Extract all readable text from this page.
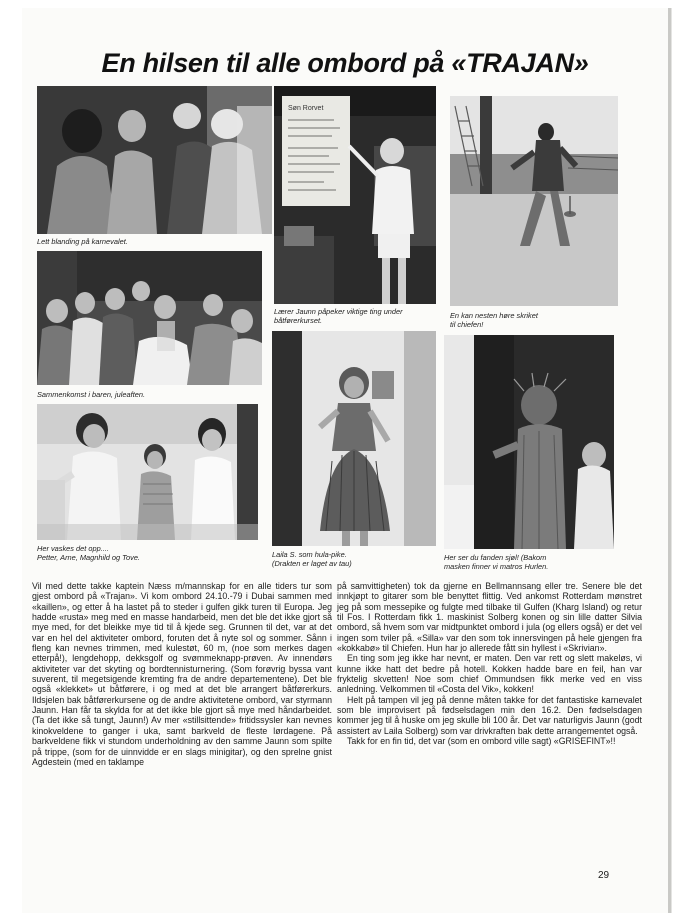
En hilsen til alle ombord på «TRAJAN»
Lett blanding på karnevalet.
Søn Rorvet
Lærer Jaunn påpeker viktige ting under båtførerkurset.
En kan nesten høre skriket til chiefen!
Sammenkomst i baren, juleaften.
Laila S. som hula-pike.
(Drakten er laget av tau)
Her ser du fanden sjøl! (Bakom
masken finner vi matros Hurlen.
Her vaskes det opp....
Petter, Arne, Magnhild og Tove.

Vil med dette takke kaptein Næss m/mannskap for en alle tiders tur som gjest ombord på «Trajan». Vi kom ombord 24.10.-79 i Dubai sammen med «kaillen», og etter å ha lastet på to steder i gulfen gikk turen til Europa. Jeg hadde «rusta» meg med en masse handarbeid, men det ble det ikke gjort så mye med, for det bleikke mye tid til å kjede seg. Grunnen til det, var at det var en hel del aktiviteter ombord, foruten det å nyte sol og sommer. Sånn i fleng kan nevnes trimmen, med kulestøt, 60 m, (noe som merkes dagen etterpå!), lengdehopp, dekksgolf og svømmeknapp-prøven. Av innendørs aktiviteter var det skyting og bordtennisturnering. (Som forøvrig byssa vant suverent, til megetsigende kremting fra de andre departementene). Det ble også «klekket» ut båtførere, i og med at det ble arrangert båtførerkurs. Ildsjelen bak båtførerkursene og de andre aktivitetene ombord, var styrmann Jaunn. Han får ta skylda for at det ikke ble gjort så mye med håndarbeidet. (Ta det ikke så tungt, Jaunn!) Av mer «stillsittende» fritidssysler kan nevnes kinokveldene to ganger i uka, samt barkveld de fleste lørdagene. På barkveldene fikk vi stundom underholdning av den samme Jaunn som spilte på trippe, (som for de uinnvidde er en slags minigitar), og den sprelne gnist Agdestein (med en taklampe

på samvittigheten) tok da gjerne en Bellmannsang eller tre. Senere ble det innkjøpt to gitarer som ble benyttet flittig. Ved ankomst Rotterdam mønstret jeg på som messepike og fulgte med tilbake til Gulfen (Kharg Island) og retur til Fos. I Rotterdam fikk 1. maskinist Solberg konen og sin lille datter Silvia ombord, så hvem som var midtpunktet ombord i jula (og ellers også) er det vel ingen som tviler på. «Silla» var den som tok innersvingen på hele gjengen fra «kokkabø» til Chiefen. Hun har jo allerede fått sin hyllest i «Skrivian».

En ting som jeg ikke har nevnt, er maten. Den var rett og slett makeløs, vi kunne ikke hatt det bedre på hotell. Kokken hadde bare en feil, han var fryktelig skvetten! Noe som chief Ommundsen fikk merke ved en viss anledning. Velkommen til «Costa del Vik», kokken!

Helt på tampen vil jeg på denne måten takke for det fantastiske karnevalet som ble improvisert på fødselsdagen min den 16.2. Den fødselsdagen kommer jeg til å huske om jeg skulle bli 100 år. Det var naturligvis Jaunn (godt assistert av Laila Solberg) som var drivkraften bak dette arrangementet også.

Takk for en fin tid, det var (som en ombord ville sagt) «GRISEFINT»!!

29
